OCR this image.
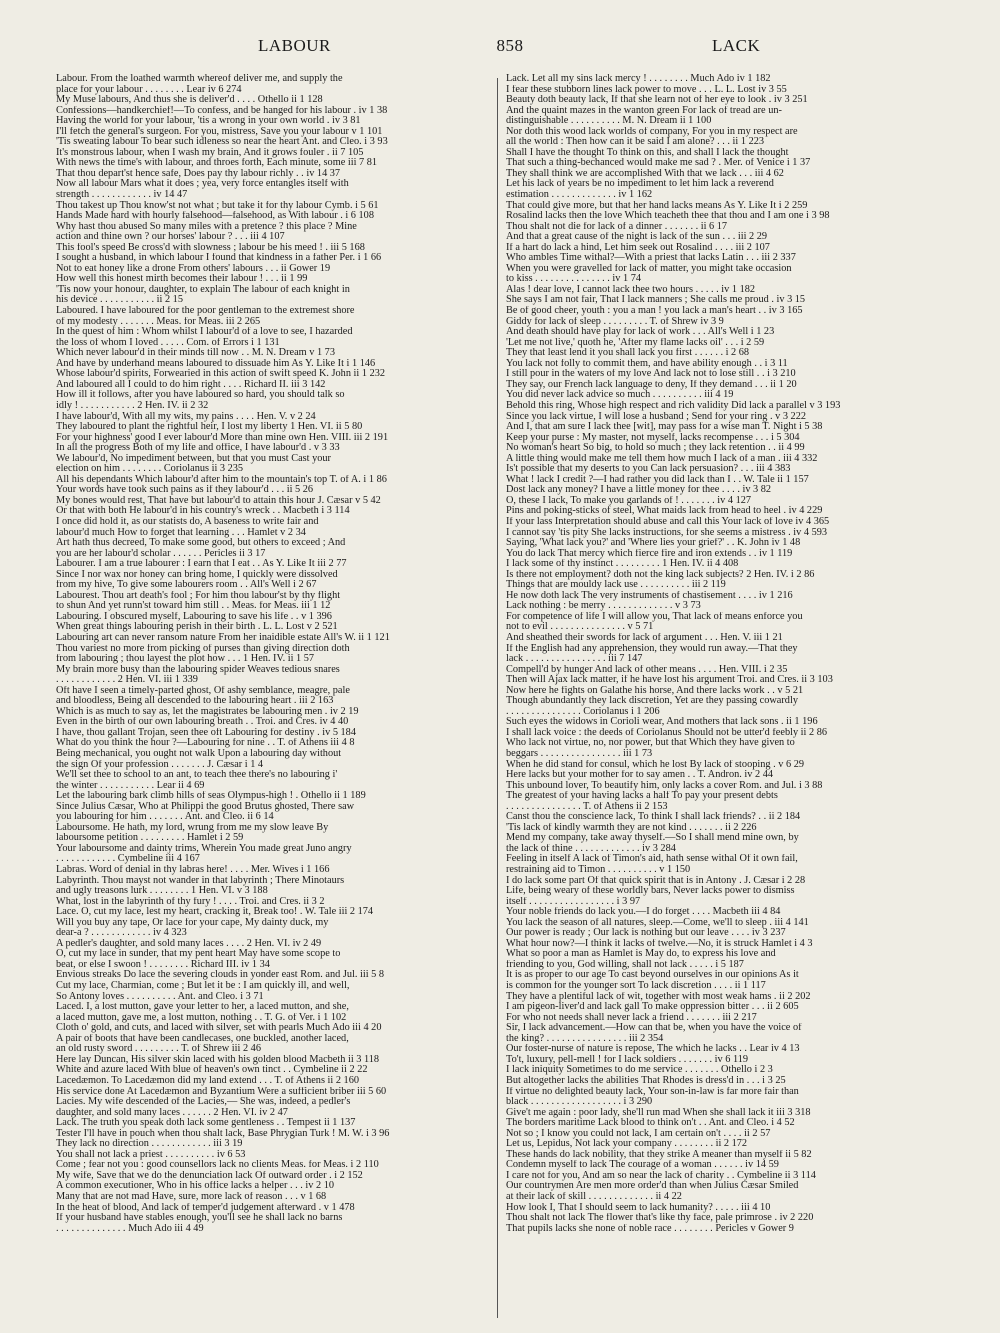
LABOUR	858	LACK
Labour. From the loathed warmth whereof deliver me, and supply the
place for your labour . . . . . . . . Lear iv 6 274
My Muse labours, And thus she is deliver'd . . . . Othello ii 1 128
Confessions—handkerchief!—To confess, and be hanged for his labour . iv 1 38
Having the world for your labour, 'tis a wrong in your own world . iv 3 81
I'll fetch the general's surgeon. For you, mistress, Save you your labour v 1 101
'Tis sweating labour To bear such idleness so near the heart Ant. and Cleo. i 3 93
It's monstrous labour, when I wash my brain, And it grows fouler . ii 7 105
With news the time's with labour, and throes forth, Each minute, some iii 7 81
That thou depart'st hence safe, Does pay thy labour richly . . iv 14 37
Now all labour Mars what it does ; yea, very force entangles itself with
strength . . . . . . . . . . . . iv 14 47
Thou takest up Thou know'st not what ; but take it for thy labour Cymb. i 5 61
Hands Made hard with hourly falsehood—falsehood, as With labour . i 6 108
Why hast thou abused So many miles with a pretence ? this place ? Mine
action and thine own ? our horses' labour ? . . . iii 4 107
This fool's speed Be cross'd with slowness ; labour be his meed ! . iii 5 168
I sought a husband, in which labour I found that kindness in a father Per. i 1 66
Not to eat honey like a drone From others' labours . . . ii Gower 19
How well this honest mirth becomes their labour ! . . . ii 1 99
'Tis now your honour, daughter, to explain The labour of each knight in
his device . . . . . . . . . . . ii 2 15
Laboured. I have laboured for the poor gentleman to the extremest shore
of my modesty . . . . . . . Meas. for Meas. iii 2 265
In the quest of him : Whom whilst I labour'd of a love to see, I hazarded
the loss of whom I loved . . . . . Com. of Errors i 1 131
Which never labour'd in their minds till now . . M. N. Dream v 1 73
And have by underhand means laboured to dissuade him As Y. Like It i 1 146
Whose labour'd spirits, Forwearied in this action of swift speed K. John ii 1 232
And laboured all I could to do him right . . . . Richard II. iii 3 142
How ill it follows, after you have laboured so hard, you should talk so
idly ! . . . . . . . . . . . 2 Hen. IV. ii 2 32
I have labour'd, With all my wits, my pains . . . . Hen. V. v 2 24
They laboured to plant the rightful heir, I lost my liberty 1 Hen. VI. ii 5 80
For your highness' good I ever labour'd More than mine own Hen. VIII. iii 2 191
In all the progress Both of my life and office, I have labour'd . v 3 33
We labour'd, No impediment between, but that you must Cast your
election on him . . . . . . . . Coriolanus ii 3 235
All his dependants Which labour'd after him to the mountain's top T. of A. i 1 86
Your words have took such pains as if they labour'd . . . ii 5 26
My bones would rest, That have but labour'd to attain this hour J. Cæsar v 5 42
Or that with both He labour'd in his country's wreck . . Macbeth i 3 114
I once did hold it, as our statists do, A baseness to write fair and
labour'd much How to forget that learning . . . Hamlet v 2 34
Art hath thus decreed, To make some good, but others to exceed ; And
you are her labour'd scholar . . . . . . Pericles ii 3 17
Labourer. I am a true labourer : I earn that I eat . . As Y. Like It iii 2 77
Since I nor wax nor honey can bring home, I quickly were dissolved
from my hive, To give some labourers room . . All's Well i 2 67
Labourest. Thou art death's fool ; For him thou labour'st by thy flight
to shun And yet runn'st toward him still . . Meas. for Meas. iii 1 12
Labouring. I obscured myself, Labouring to save his life . . v 1 396
When great things labouring perish in their birth . L. L. Lost v 2 521
Labouring art can never ransom nature From her inaidible estate All's W. ii 1 121
Thou variest no more from picking of purses than giving direction doth
from labouring ; thou layest the plot how . . . 1 Hen. IV. ii 1 57
My brain more busy than the labouring spider Weaves tedious snares
. . . . . . . . . . . . 2 Hen. VI. iii 1 339
Oft have I seen a timely-parted ghost, Of ashy semblance, meagre, pale
and bloodless, Being all descended to the labouring heart . iii 2 163
Which is as much to say as, let the magistrates be labouring men . iv 2 19
Even in the birth of our own labouring breath . . Troi. and Cres. iv 4 40
I have, thou gallant Trojan, seen thee oft Labouring for destiny . iv 5 184
What do you think the hour ?—Labouring for nine . . T. of Athens iii 4 8
Being mechanical, you ought not walk Upon a labouring day without
the sign Of your profession . . . . . . . J. Cæsar i 1 4
We'll set thee to school to an ant, to teach thee there's no labouring i'
the winter . . . . . . . . . . . Lear ii 4 69
Let the labouring bark climb hills of seas Olympus-high ! . Othello ii 1 189
Since Julius Cæsar, Who at Philippi the good Brutus ghosted, There saw
you labouring for him . . . . . . . Ant. and Cleo. ii 6 14
Laboursome. He hath, my lord, wrung from me my slow leave By
laboursome petition . . . . . . . . . Hamlet i 2 59
Your laboursome and dainty trims, Wherein You made great Juno angry
. . . . . . . . . . . . Cymbeline iii 4 167
Labras. Word of denial in thy labras here! . . . . Mer. Wives i 1 166
Labyrinth. Thou mayst not wander in that labyrinth ; There Minotaurs
and ugly treasons lurk . . . . . . . . 1 Hen. VI. v 3 188
What, lost in the labyrinth of thy fury ! . . . . Troi. and Cres. ii 3 2
Lace. O, cut my lace, lest my heart, cracking it, Break too! . W. Tale iii 2 174
Will you buy any tape, Or lace for your cape, My dainty duck, my
dear-a ? . . . . . . . . . . . . iv 4 323
A pedler's daughter, and sold many laces . . . . 2 Hen. VI. iv 2 49
O, cut my lace in sunder, that my pent heart May have some scope to
beat, or else I swoon ! . . . . . . . . Richard III. iv 1 34
Envious streaks Do lace the severing clouds in yonder east Rom. and Jul. iii 5 8
Cut my lace, Charmian, come ; But let it be : I am quickly ill, and well,
So Antony loves . . . . . . . . . . Ant. and Cleo. i 3 71
Laced. I, a lost mutton, gave your letter to her, a laced mutton, and she,
a laced mutton, gave me, a lost mutton, nothing . . T. G. of Ver. i 1 102
Cloth o' gold, and cuts, and laced with silver, set with pearls Much Ado iii 4 20
A pair of boots that have been candlecases, one buckled, another laced,
an old rusty sword . . . . . . . . . T. of Shrew iii 2 46
Here lay Duncan, His silver skin laced with his golden blood Macbeth ii 3 118
White and azure laced With blue of heaven's own tinct . . Cymbeline ii 2 22
Lacedæmon. To Lacedæmon did my land extend . . . T. of Athens ii 2 160
His service done At Lacedæmon and Byzantium Were a sufficient briber iii 5 60
Lacies. My wife descended of the Lacies,— She was, indeed, a pedler's
daughter, and sold many laces . . . . . . 2 Hen. VI. iv 2 47
Lack. The truth you speak doth lack some gentleness . . Tempest ii 1 137
Tester I'll have in pouch when thou shalt lack, Base Phrygian Turk ! M. W. i 3 96
They lack no direction . . . . . . . . . . . . iii 3 19
You shall not lack a priest . . . . . . . . . . iv 6 53
Come ; fear not you : good counsellors lack no clients Meas. for Meas. i 2 110
My wife, Save that we do the denunciation lack Of outward order . i 2 152
A common executioner, Who in his office lacks a helper . . . iv 2 10
Many that are not mad Have, sure, more lack of reason . . . v 1 68
In the heat of blood, And lack of temper'd judgement afterward . v 1 478
If your husband have stables enough, you'll see he shall lack no barns
. . . . . . . . . . . . . . Much Ado iii 4 49
Lack. Let all my sins lack mercy ! . . . . . . . . Much Ado iv 1 182
I fear these stubborn lines lack power to move . . . L. L. Lost iv 3 55
Beauty doth beauty lack, If that she learn not of her eye to look . iv 3 251
And the quaint mazes in the wanton green For lack of tread are un-
distinguishable . . . . . . . . . . M. N. Dream ii 1 100
Nor doth this wood lack worlds of company, For you in my respect are
all the world : Then how can it be said I am alone? . . . ii 1 223
Shall I have the thought To think on this, and shall I lack the thought
That such a thing-bechanced would make me sad ? . Mer. of Venice i 1 37
They shall think we are accomplished With that we lack . . . iii 4 62
Let his lack of years be no impediment to let him lack a reverend
estimation . . . . . . . . . . . . . iv 1 162
That could give more, but that her hand lacks means As Y. Like It i 2 259
Rosalind lacks then the love Which teacheth thee that thou and I am one i 3 98
Thou shalt not die for lack of a dinner . . . . . . . ii 6 17
And that a great cause of the night is lack of the sun . . . iii 2 29
If a hart do lack a hind, Let him seek out Rosalind . . . . iii 2 107
Who ambles Time withal?—With a priest that lacks Latin . . . iii 2 337
When you were gravelled for lack of matter, you might take occasion
to kiss . . . . . . . . . . . . . . . iv 1 74
Alas ! dear love, I cannot lack thee two hours . . . . . iv 1 182
She says I am not fair, That I lack manners ; She calls me proud . iv 3 15
Be of good cheer, youth : you a man ! you lack a man's heart . . iv 3 165
Giddy for lack of sleep . . . . . . . . . T. of Shrew iv 3 9
And death should have play for lack of work . . . All's Well i 1 23
'Let me not live,' quoth he, 'After my flame lacks oil' . . . i 2 59
They that least lend it you shall lack you first . . . . . . i 2 68
You lack not folly to commit them, and have ability enough . . i 3 11
I still pour in the waters of my love And lack not to lose still . . i 3 210
They say, our French lack language to deny, If they demand . . . ii 1 20
You did never lack advice so much . . . . . . . . . . iii 4 19
Behold this ring, Whose high respect and rich validity Did lack a parallel v 3 193
Since you lack virtue, I will lose a husband ; Send for your ring . v 3 222
And I, that am sure I lack thee [wit], may pass for a wise man T. Night i 5 38
Keep your purse : My master, not myself, lacks recompense . . . i 5 304
No woman's heart So big, to hold so much ; they lack retention . . ii 4 99
A little thing would make me tell them how much I lack of a man . iii 4 332
Is't possible that my deserts to you Can lack persuasion? . . . iii 4 383
What ! lack I credit ?—I had rather you did lack than I . . W. Tale ii 1 157
Dost lack any money? I have a little money for thee . . . . iv 3 82
O, these I lack, To make you garlands of ! . . . . . . . iv 4 127
Pins and poking-sticks of steel, What maids lack from head to heel . iv 4 229
If your lass Interpretation should abuse and call this Your lack of love iv 4 365
I cannot say 'tis pity She lacks instructions, for she seems a mistress . iv 4 593
Saying, 'What lack you?' and 'Where lies your grief?' . . K. John iv 1 48
You do lack That mercy which fierce fire and iron extends . . iv 1 119
I lack some of thy instinct . . . . . . . . . 1 Hen. IV. ii 4 408
Is there not employment? doth not the king lack subjects? 2 Hen. IV. i 2 86
Things that are mouldy lack use . . . . . . . . . . iii 2 119
He now doth lack The very instruments of chastisement . . . . iv 1 216
Lack nothing : be merry . . . . . . . . . . . . . v 3 73
For competence of life I will allow you, That lack of means enforce you
not to evil . . . . . . . . . . . . . . . v 5 71
And sheathed their swords for lack of argument . . . Hen. V. iii 1 21
If the English had any apprehension, they would run away.—That they
lack . . . . . . . . . . . . . . . . iii 7 147
Compell'd by hunger And lack of other means . . . . Hen. VIII. i 2 35
Then will Ajax lack matter, if he have lost his argument Troi. and Cres. ii 3 103
Now here he fights on Galathe his horse, And there lacks work . . v 5 21
Though abundantly they lack discretion, Yet are they passing cowardly
. . . . . . . . . . . . . . . Coriolanus i 1 206
Such eyes the widows in Corioli wear, And mothers that lack sons . ii 1 196
I shall lack voice : the deeds of Coriolanus Should not be utter'd feebly ii 2 86
Who lack not virtue, no, nor power, but that Which they have given to
beggars . . . . . . . . . . . . . . . . iii 1 73
When he did stand for consul, which he lost By lack of stooping . v 6 29
Here lacks but your mother for to say amen . . T. Andron. iv 2 44
This unbound lover, To beautify him, only lacks a cover Rom. and Jul. i 3 88
The greatest of your having lacks a half To pay your present debts
. . . . . . . . . . . . . . . T. of Athens ii 2 153
Canst thou the conscience lack, To think I shall lack friends? . . ii 2 184
'Tis lack of kindly warmth they are not kind . . . . . . . ii 2 226
Mend my company, take away thyself.—So I shall mend mine own, by
the lack of thine . . . . . . . . . . . . . iv 3 284
Feeling in itself A lack of Timon's aid, hath sense withal Of it own fail,
restraining aid to Timon . . . . . . . . . . v 1 150
I do lack some part Of that quick spirit that is in Antony . J. Cæsar i 2 28
Life, being weary of these worldly bars, Never lacks power to dismiss
itself . . . . . . . . . . . . . . . . . i 3 97
Your noble friends do lack you.—I do forget . . . . Macbeth iii 4 84
You lack the season of all natures, sleep.—Come, we'll to sleep . iii 4 141
Our power is ready ; Our lack is nothing but our leave . . . . iv 3 237
What hour now?—I think it lacks of twelve.—No, it is struck Hamlet i 4 3
What so poor a man as Hamlet is May do, to express his love and
friending to you, God willing, shall not lack . . . . . i 5 187
It is as proper to our age To cast beyond ourselves in our opinions As it
is common for the younger sort To lack discretion . . . . ii 1 117
They have a plentiful lack of wit, together with most weak hams . ii 2 202
I am pigeon-liver'd and lack gall To make oppression bitter . . . ii 2 605
For who not needs shall never lack a friend . . . . . . . iii 2 217
Sir, I lack advancement.—How can that be, when you have the voice of
the king? . . . . . . . . . . . . . . . . iii 2 354
Our foster-nurse of nature is repose, The which he lacks . . Lear iv 4 13
To't, luxury, pell-mell ! for I lack soldiers . . . . . . . iv 6 119
I lack iniquity Sometimes to do me service . . . . . . . Othello i 2 3
But altogether lacks the abilities That Rhodes is dress'd in . . . i 3 25
If virtue no delighted beauty lack, Your son-in-law is far more fair than
black . . . . . . . . . . . . . . . . . . i 3 290
Give't me again : poor lady, she'll run mad When she shall lack it iii 3 318
The borders maritime Lack blood to think on't . . Ant. and Cleo. i 4 52
Not so ; I know you could not lack, I am certain on't . . . . ii 2 57
Let us, Lepidus, Not lack your company . . . . . . . . ii 2 172
These hands do lack nobility, that they strike A meaner than myself ii 5 82
Condemn myself to lack The courage of a woman . . . . . . iv 14 59
I care not for you, And am so near the lack of charity . . Cymbeline ii 3 114
Our countrymen Are men more order'd than when Julius Cæsar Smiled
at their lack of skill . . . . . . . . . . . . . ii 4 22
How look I, That I should seem to lack humanity? . . . . . iii 4 10
Thou shalt not lack The flower that's like thy face, pale primrose . iv 2 220
That pupils lacks she none of noble race . . . . . . . . Pericles v Gower 9
